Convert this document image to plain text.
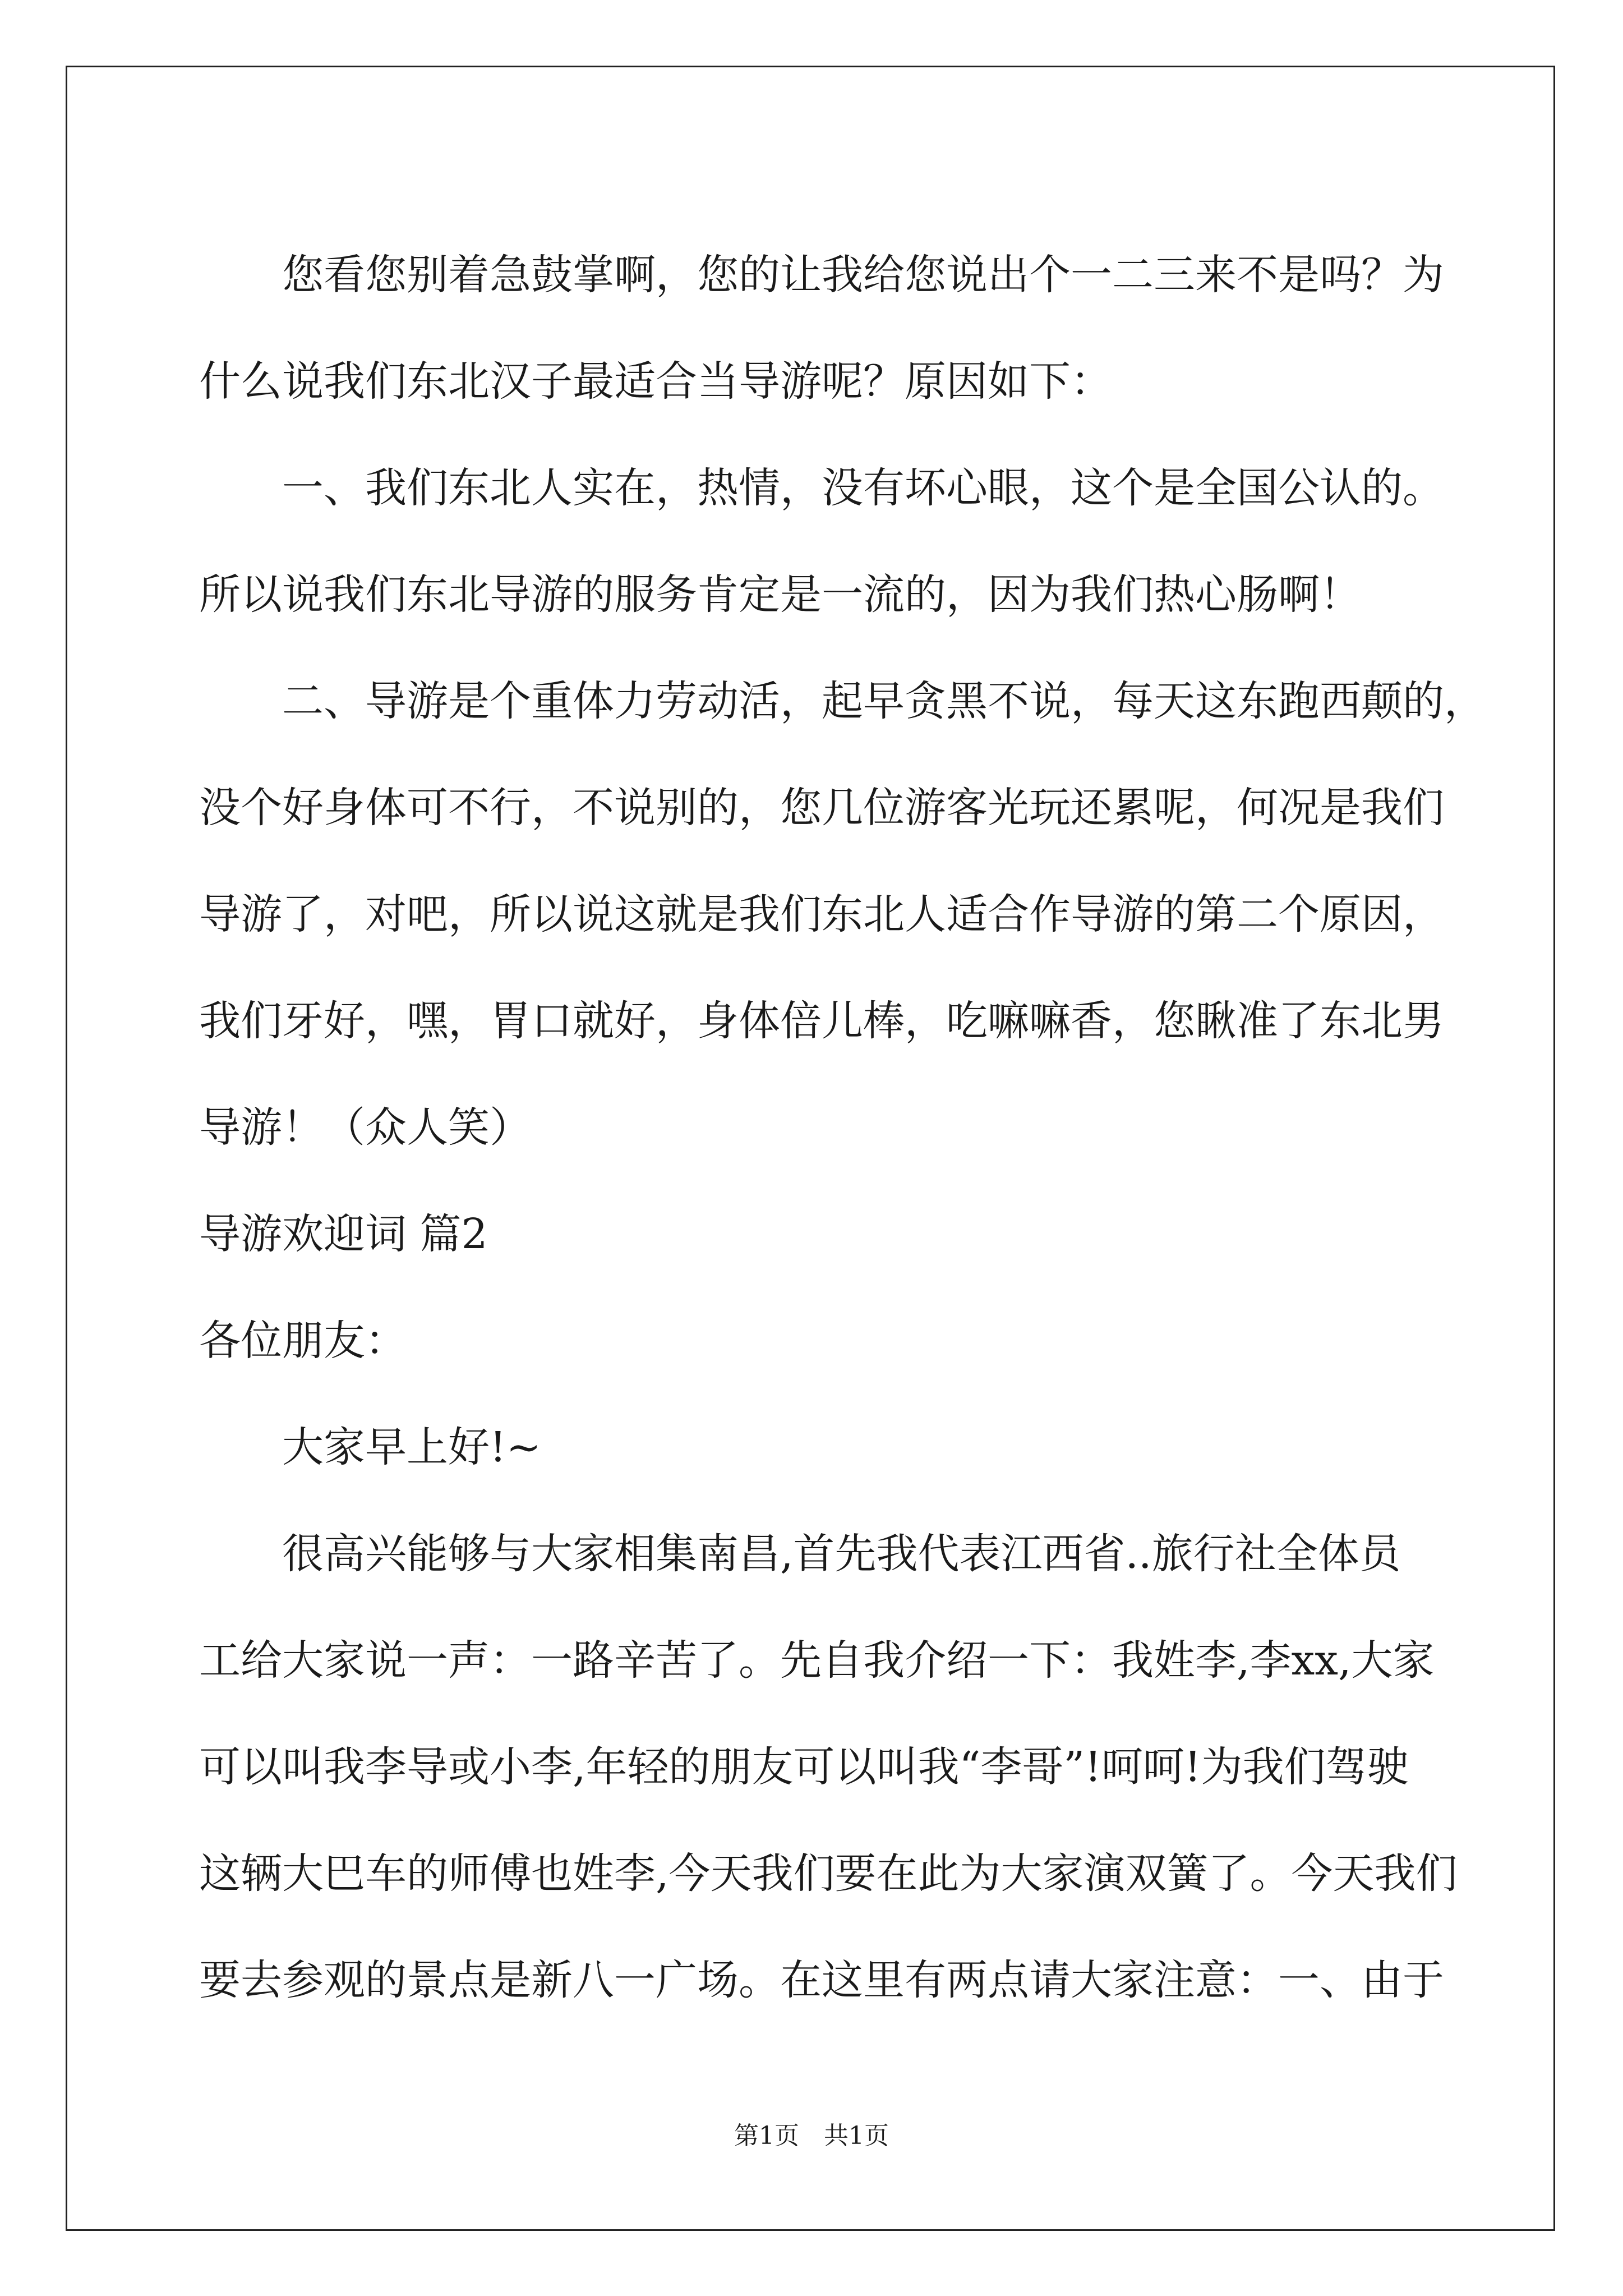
您看您别着急鼓掌啊，您的让我给您说出个一二三来不是吗？为

什么说我们东北汉子最适合当导游呢？原因如下：

一、我们东北人实在，热情，没有坏心眼，这个是全国公认的。

所以说我们东北导游的服务肯定是一流的，因为我们热心肠啊！

二、导游是个重体力劳动活，起早贪黑不说，每天这东跑西颠的，

没个好身体可不行，不说别的，您几位游客光玩还累呢，何况是我们

导游了，对吧，所以说这就是我们东北人适合作导游的第二个原因，

我们牙好，嘿，胃口就好，身体倍儿棒，吃嘛嘛香，您瞅准了东北男

导游！（众人笑）

导游欢迎词 篇2

各位朋友：

大家早上好!~

很高兴能够与大家相集南昌,首先我代表江西省..旅行社全体员

工给大家说一声：一路辛苦了。先自我介绍一下：我姓李,李xx,大家

可以叫我李导或小李,年轻的朋友可以叫我“李哥”!呵呵!为我们驾驶

这辆大巴车的师傅也姓李,今天我们要在此为大家演双簧了。今天我们

要去参观的景点是新八一广场。在这里有两点请大家注意：一、由于

第1页 共1页
